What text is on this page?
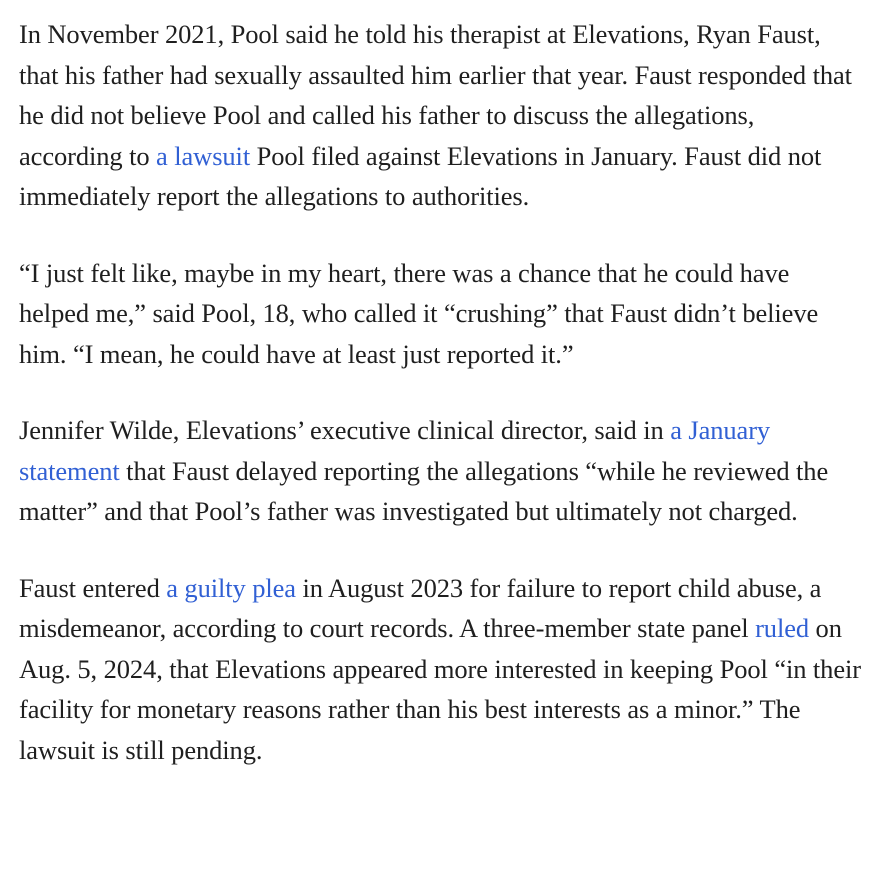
In November 2021, Pool said he told his therapist at Elevations, Ryan Faust, that his father had sexually assaulted him earlier that year. Faust responded that he did not believe Pool and called his father to discuss the allegations, according to a lawsuit Pool filed against Elevations in January. Faust did not immediately report the allegations to authorities.

“I just felt like, maybe in my heart, there was a chance that he could have helped me,” said Pool, 18, who called it “crushing” that Faust didn’t believe him. “I mean, he could have at least just reported it.”

Jennifer Wilde, Elevations’ executive clinical director, said in a January statement that Faust delayed reporting the allegations “while he reviewed the matter” and that Pool’s father was investigated but ultimately not charged.

Faust entered a guilty plea in August 2023 for failure to report child abuse, a misdemeanor, according to court records. A three-member state panel ruled on Aug. 5, 2024, that Elevations appeared more interested in keeping Pool “in their facility for monetary reasons rather than his best interests as a minor.” The lawsuit is still pending.
